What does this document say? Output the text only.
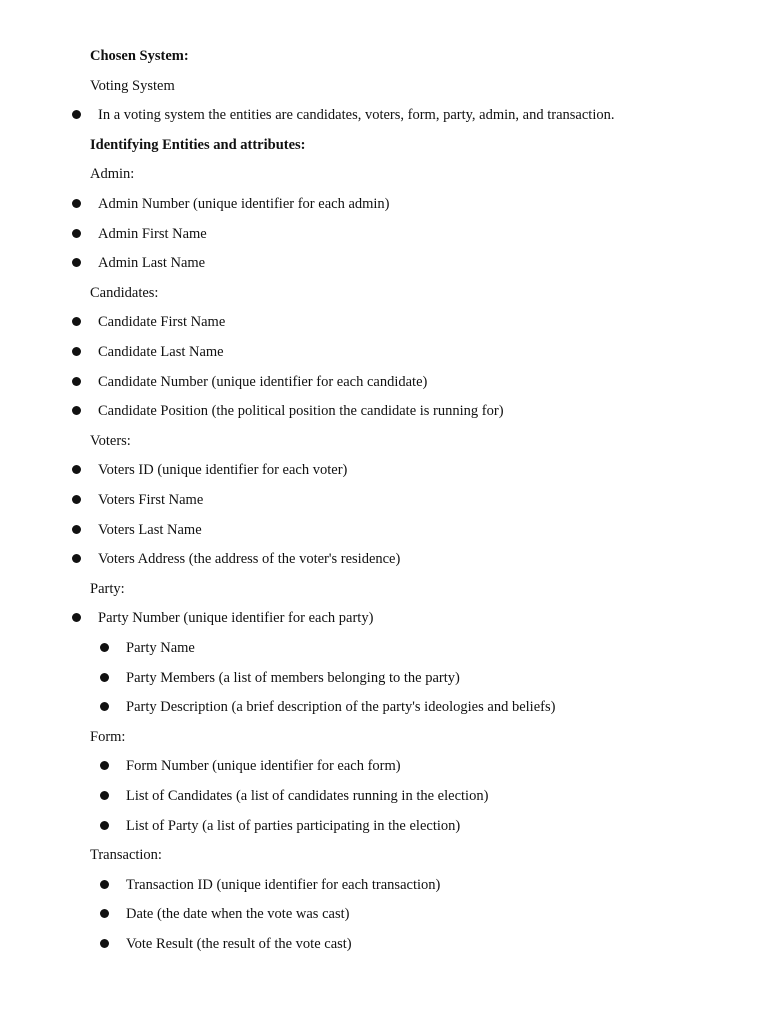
Chosen System:
Voting System
In a voting system the entities are candidates, voters, form, party, admin, and transaction.
Identifying Entities and attributes:
Admin:
Admin Number (unique identifier for each admin)
Admin First Name
Admin Last Name
Candidates:
Candidate First Name
Candidate Last Name
Candidate Number (unique identifier for each candidate)
Candidate Position (the political position the candidate is running for)
Voters:
Voters ID (unique identifier for each voter)
Voters First Name
Voters Last Name
Voters Address (the address of the voter's residence)
Party:
Party Number (unique identifier for each party)
Party Name
Party Members (a list of members belonging to the party)
Party Description (a brief description of the party's ideologies and beliefs)
Form:
Form Number (unique identifier for each form)
List of Candidates (a list of candidates running in the election)
List of Party (a list of parties participating in the election)
Transaction:
Transaction ID (unique identifier for each transaction)
Date (the date when the vote was cast)
Vote Result (the result of the vote cast)
